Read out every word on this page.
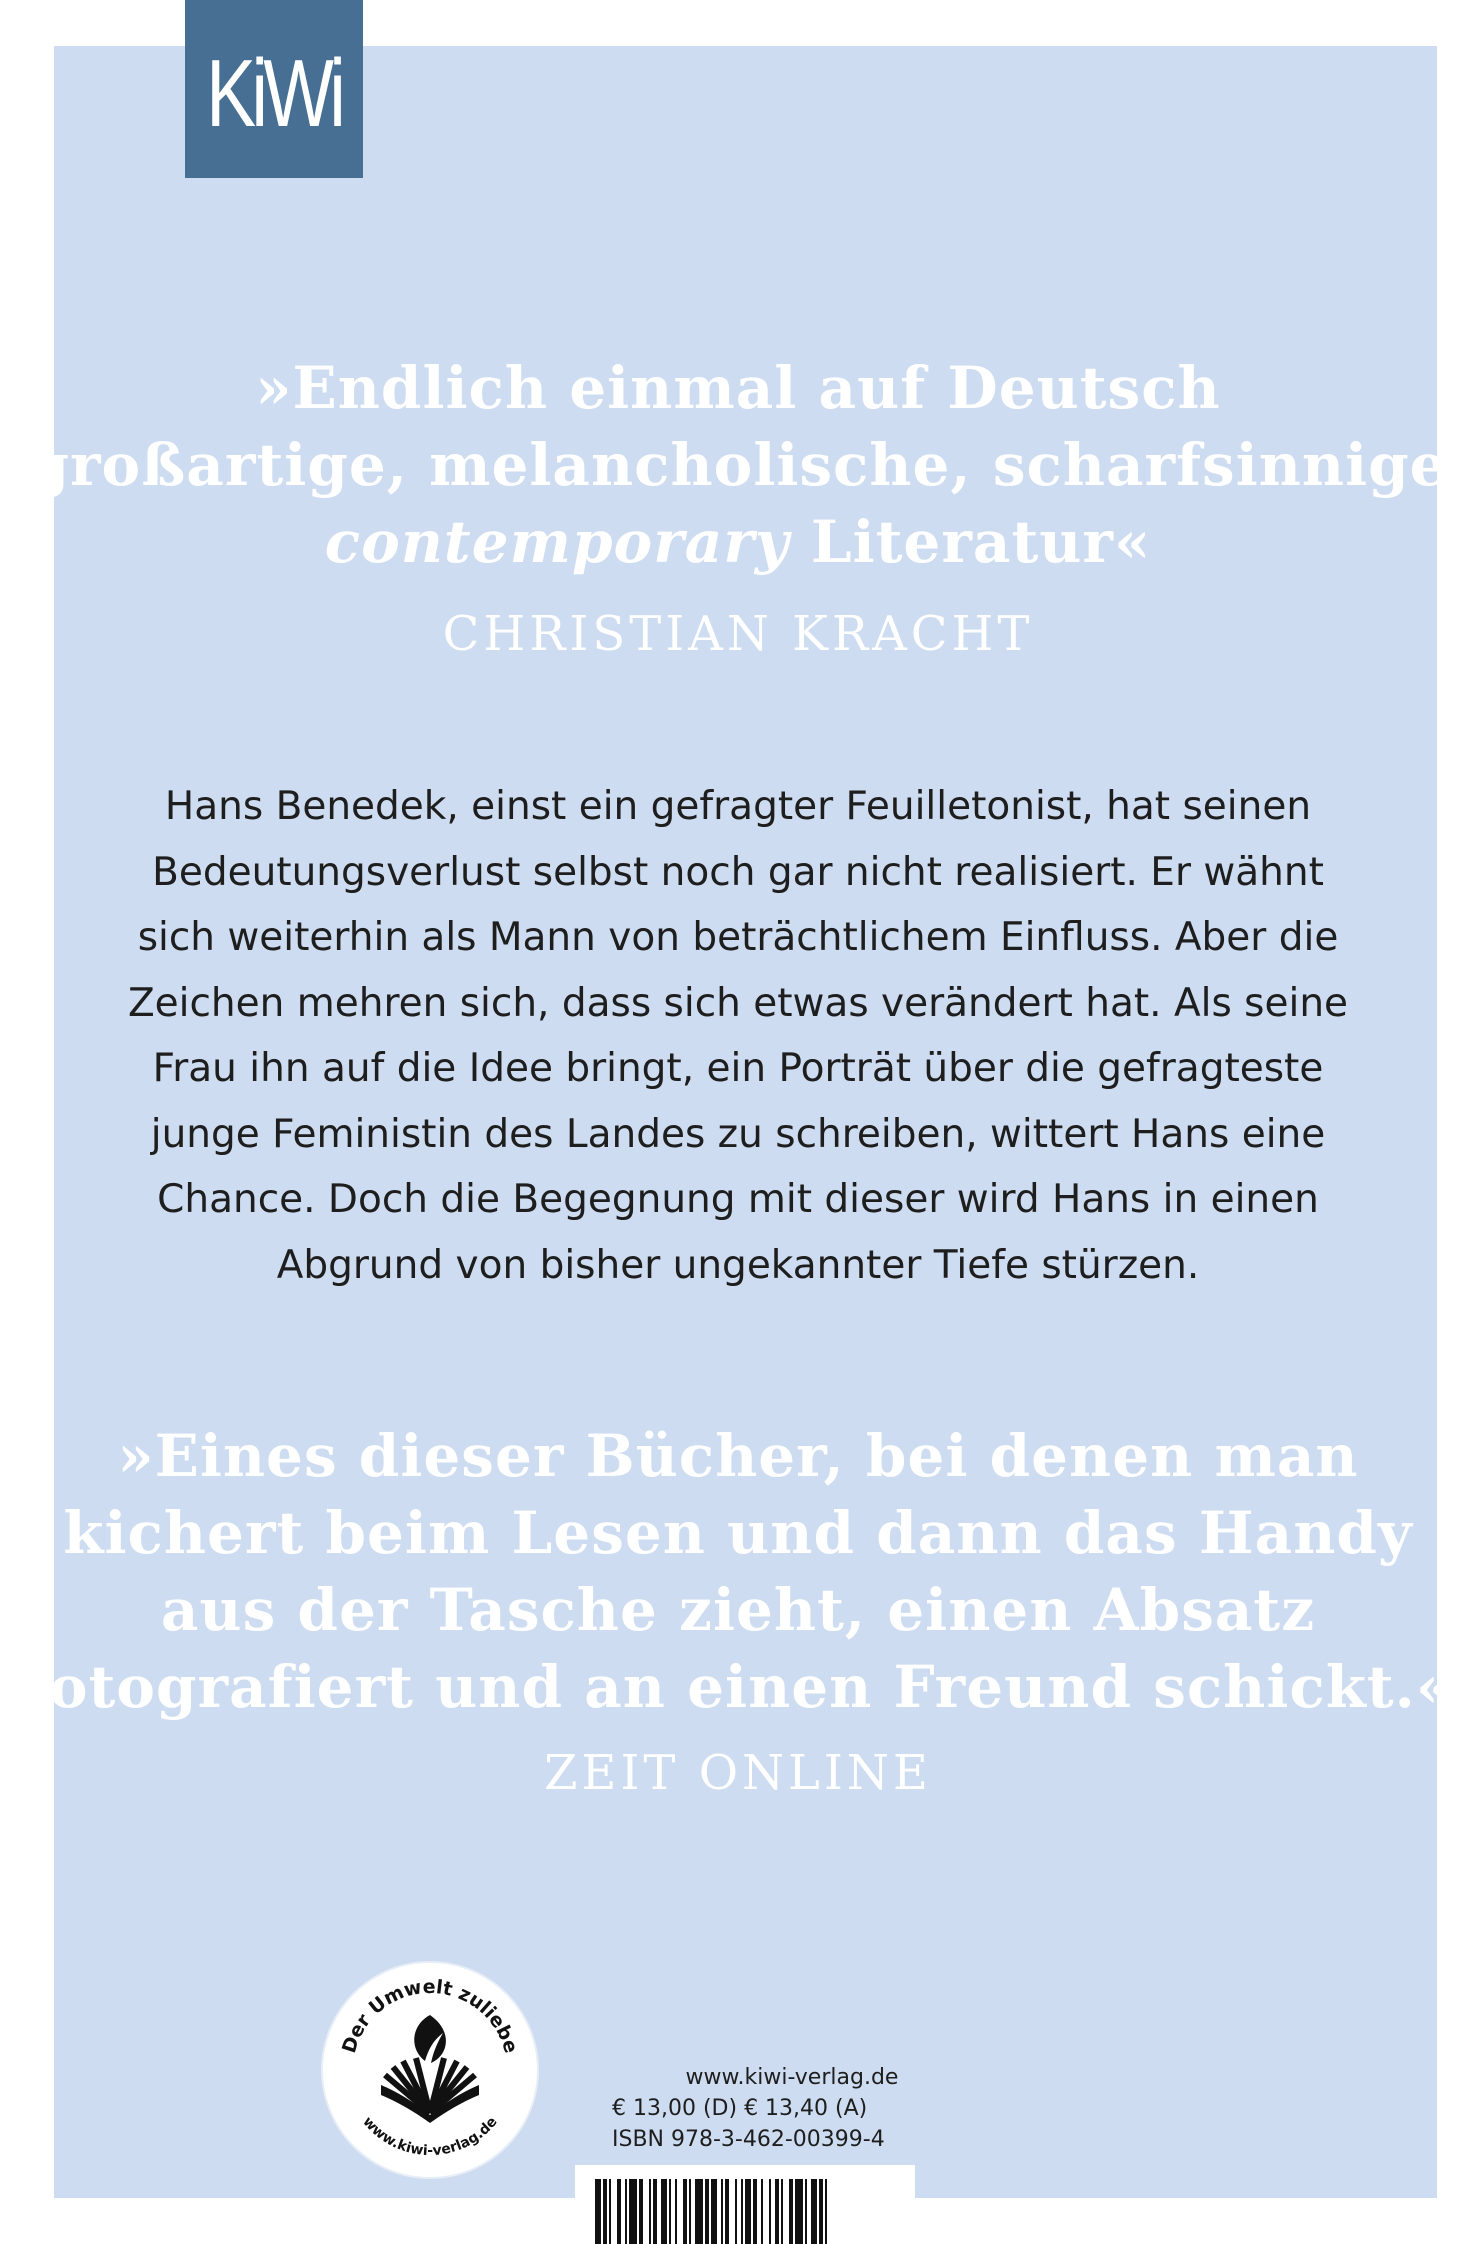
KiWi
»Endlich einmal auf Deutsch
großartige, melancholische, scharfsinnige
contemporary Literatur«
CHRISTIAN KRACHT
Hans Benedek, einst ein gefragter Feuilletonist, hat seinen
Bedeutungsverlust selbst noch gar nicht realisiert. Er wähnt
sich weiterhin als Mann von beträchtlichem Einfluss. Aber die
Zeichen mehren sich, dass sich etwas verändert hat. Als seine
Frau ihn auf die Idee bringt, ein Porträt über die gefragteste
junge Feministin des Landes zu schreiben, wittert Hans eine
Chance. Doch die Begegnung mit dieser wird Hans in einen
Abgrund von bisher ungekannter Tiefe stürzen.
»Eines dieser Bücher, bei denen man
kichert beim Lesen und dann das Handy
aus der Tasche zieht, einen Absatz
fotografiert und an einen Freund schickt.«
ZEIT ONLINE
Der Umwelt zuliebe
www.kiwi-verlag.de
www.kiwi-verlag.de
€ 13,00 (D) € 13,40 (A)
ISBN 978-3-462-00399-4
